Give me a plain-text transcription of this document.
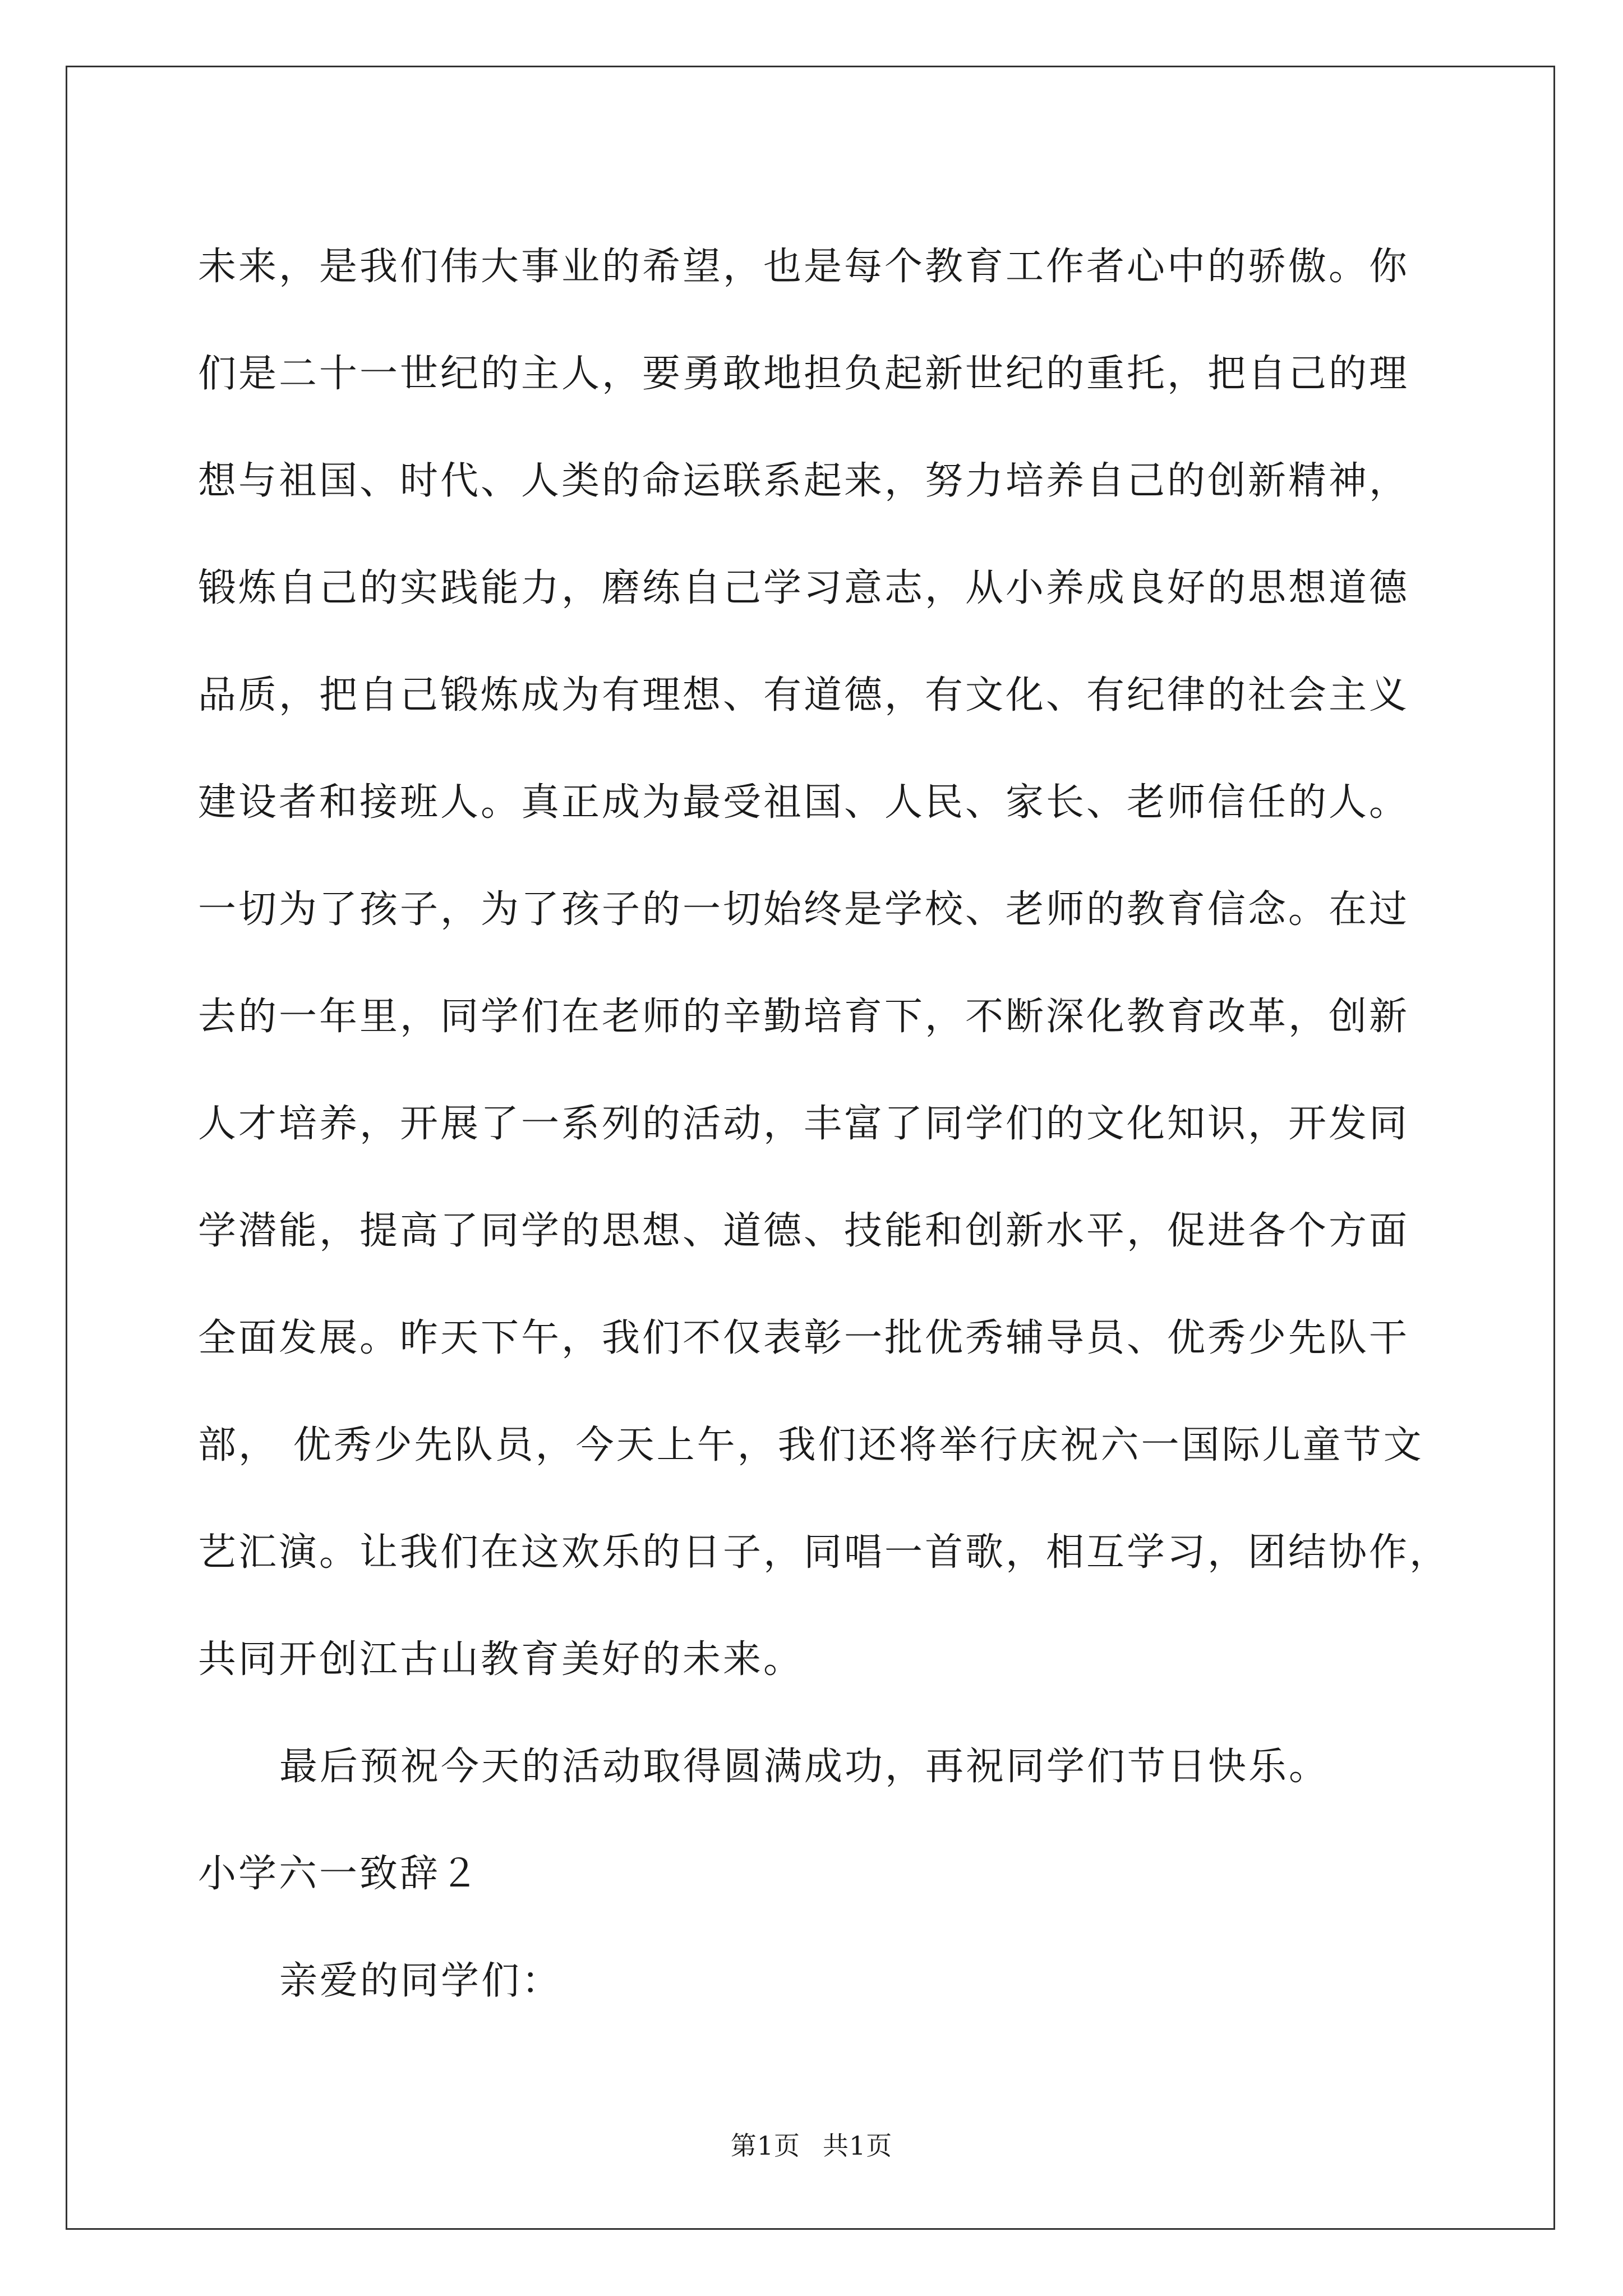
未来，是我们伟大事业的希望，也是每个教育工作者心中的骄傲。你
们是二十一世纪的主人，要勇敢地担负起新世纪的重托，把自己的理
想与祖国、时代、人类的命运联系起来，努力培养自己的创新精神，
锻炼自己的实践能力，磨练自己学习意志，从小养成良好的思想道德
品质，把自己锻炼成为有理想、有道德，有文化、有纪律的社会主义
建设者和接班人。真正成为最受祖国、人民、家长、老师信任的人。
一切为了孩子，为了孩子的一切始终是学校、老师的教育信念。在过
去的一年里，同学们在老师的辛勤培育下，不断深化教育改革，创新
人才培养，开展了一系列的活动，丰富了同学们的文化知识，开发同
学潜能，提高了同学的思想、道德、技能和创新水平，促进各个方面
全面发展。昨天下午，我们不仅表彰一批优秀辅导员、优秀少先队干
部， 优秀少先队员，今天上午，我们还将举行庆祝六一国际儿童节文
艺汇演。让我们在这欢乐的日子，同唱一首歌，相互学习，团结协作，
共同开创江古山教育美好的未来。
最后预祝今天的活动取得圆满成功，再祝同学们节日快乐。
小学六一致辞２
亲爱的同学们：
第1页 共1页
